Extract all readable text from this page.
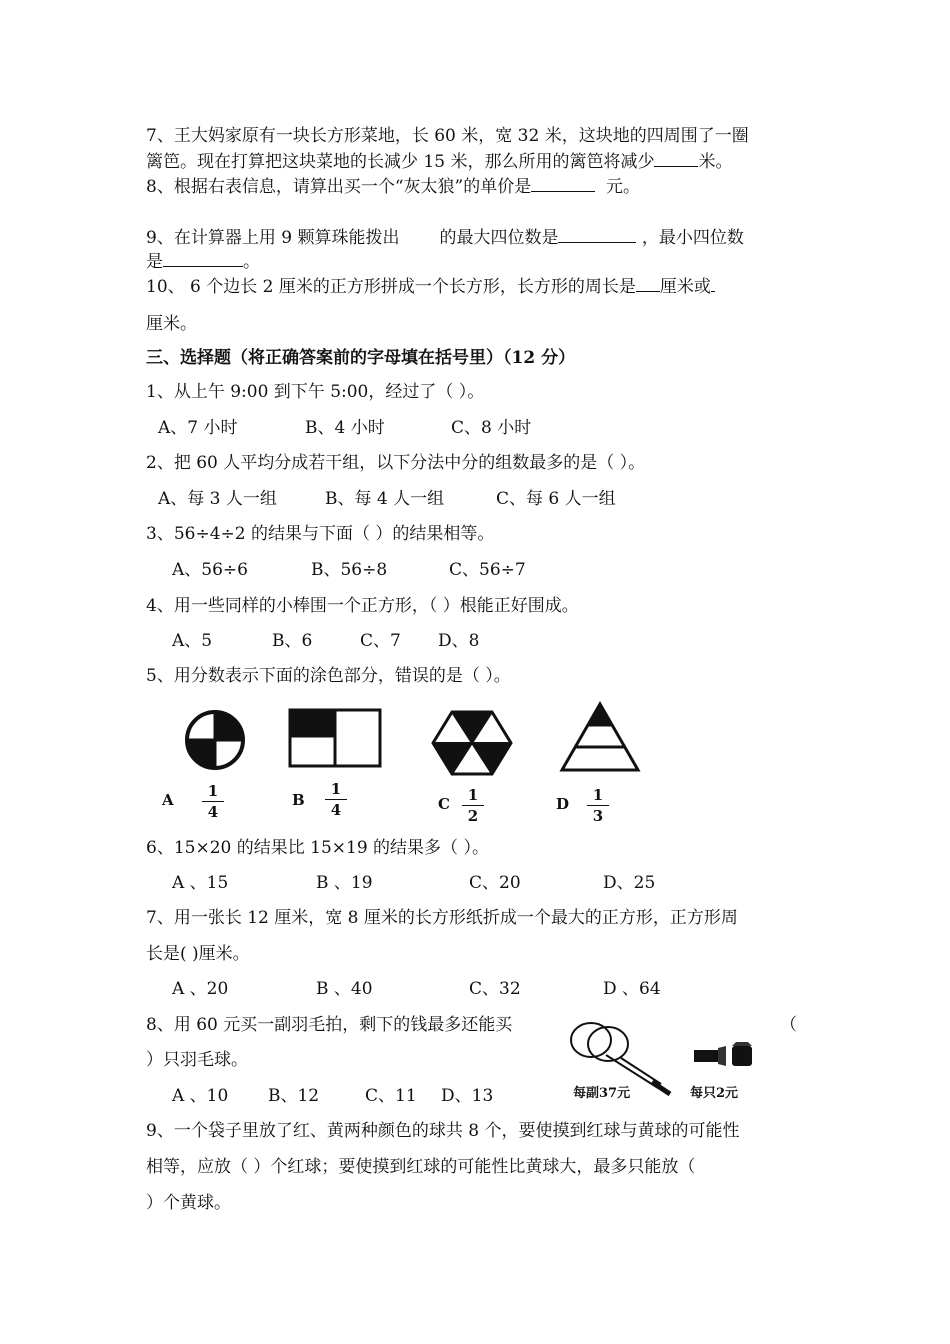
7、王大妈家原有一块长方形菜地，长 60 米，宽 32 米，这块地的四周围了一圈
篱笆。现在打算把这块菜地的长减少 15 米，那么所用的篱笆将减少	米。
8、根据右表信息，请算出买一个“灰太狼”的单价是	元。
9、在计算器上用 9 颗算珠能拨出 的最大四位数是	，最小四位数
是	。
10、 6 个边长 2 厘米的正方形拼成一个长方形，长方形的周长是 厘米或
厘米。
三、选择题（将正确答案前的字母填在括号里）（12 分）
1、从上午 9:00 到下午 5:00，经过了（ ）。
A、7 小时	B、4 小时	C、8 小时
2、把 60 人平均分成若干组，以下分法中分的组数最多的是（ ）。
A、每 3 人一组	B、每 4 人一组	C、每 6 人一组
3、56÷4÷2 的结果与下面（ ）的结果相等。
A、56÷6	B、56÷8	C、56÷7
4、用一些同样的小棒围一个正方形，（ ）根能正好围成。
A、5	B、6	C、7 D、8
5、用分数表示下面的涂色部分，错误的是（ ）。
A	1
4
B
1
4	C	1
2
D	1
3
6、15×20 的结果比 15×19 的结果多（ ）。
A 、15	B 、19	C、20	D、25
7、用一张长 12 厘米，宽 8 厘米的长方形纸折成一个最大的正方形，正方形周
长是( )厘米。
A 、20	B 、40	C、32	D 、64
8、用 60 元买一副羽毛拍，剩下的钱最多还能买	（
）只羽毛球。
A 、10 B、12	C、11 D、13	每副37元	每只2元
9、一个袋子里放了红、黄两种颜色的球共 8 个，要使摸到红球与黄球的可能性
相等，应放（ ）个红球；要使摸到红球的可能性比黄球大，最多只能放（
）个黄球。
